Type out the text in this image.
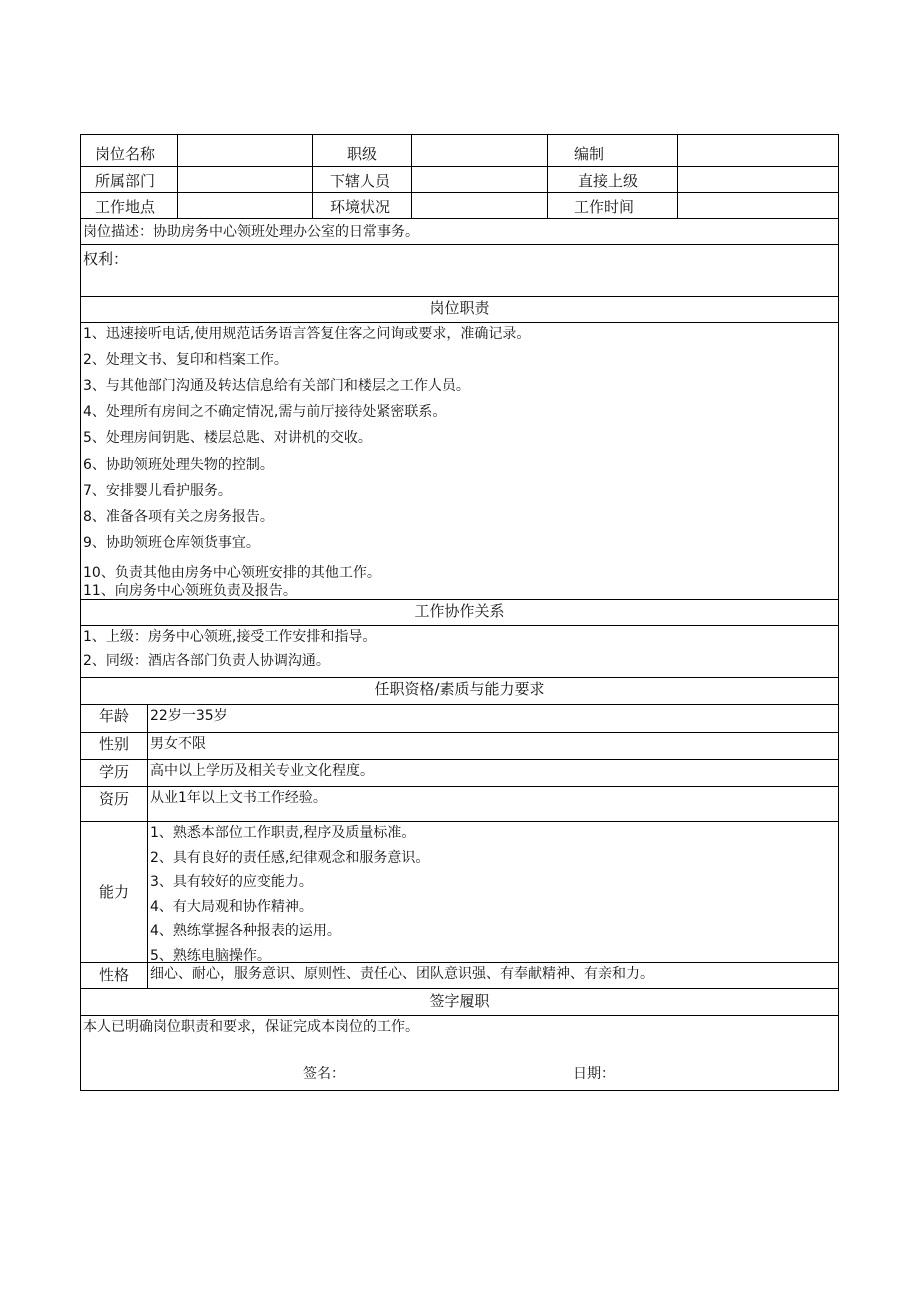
岗位名称	职级	编制
所属部门	下辖人员	直接上级
工作地点	环境状况	工作时间
岗位描述：协助房务中心领班处理办公室的日常事务。
权利：
岗位职责
1、迅速接听电话,使用规范话务语言答复住客之问询或要求，准确记录。
2、处理文书、复印和档案工作。
3、与其他部门沟通及转达信息给有关部门和楼层之工作人员。
4、处理所有房间之不确定情况,需与前厅接待处紧密联系。
5、处理房间钥匙、楼层总匙、对讲机的交收。
6、协助领班处理失物的控制。
7、安排婴儿看护服务。
8、准备各项有关之房务报告。
9、协助领班仓库领货事宜。
10、负责其他由房务中心领班安排的其他工作。
11、向房务中心领班负责及报告。
工作协作关系
1、上级：房务中心领班,接受工作安排和指导。
2、同级：酒店各部门负责人协调沟通。
任职资格/素质与能力要求
年龄	22岁一35岁
性别	男女不限
学历	高中以上学历及相关专业文化程度。
资历	从业1年以上文书工作经验。
能力
1、熟悉本部位工作职责,程序及质量标准。
2、具有良好的责任感,纪律观念和服务意识。
3、具有较好的应变能力。
4、有大局观和协作精神。
4、熟练掌握各种报表的运用。
5、熟练电脑操作。
性格	细心、耐心，服务意识、原则性、责任心、团队意识强、有奉献精神、有亲和力。
签字履职
本人已明确岗位职责和要求，保证完成本岗位的工作。
签名：	日期：
